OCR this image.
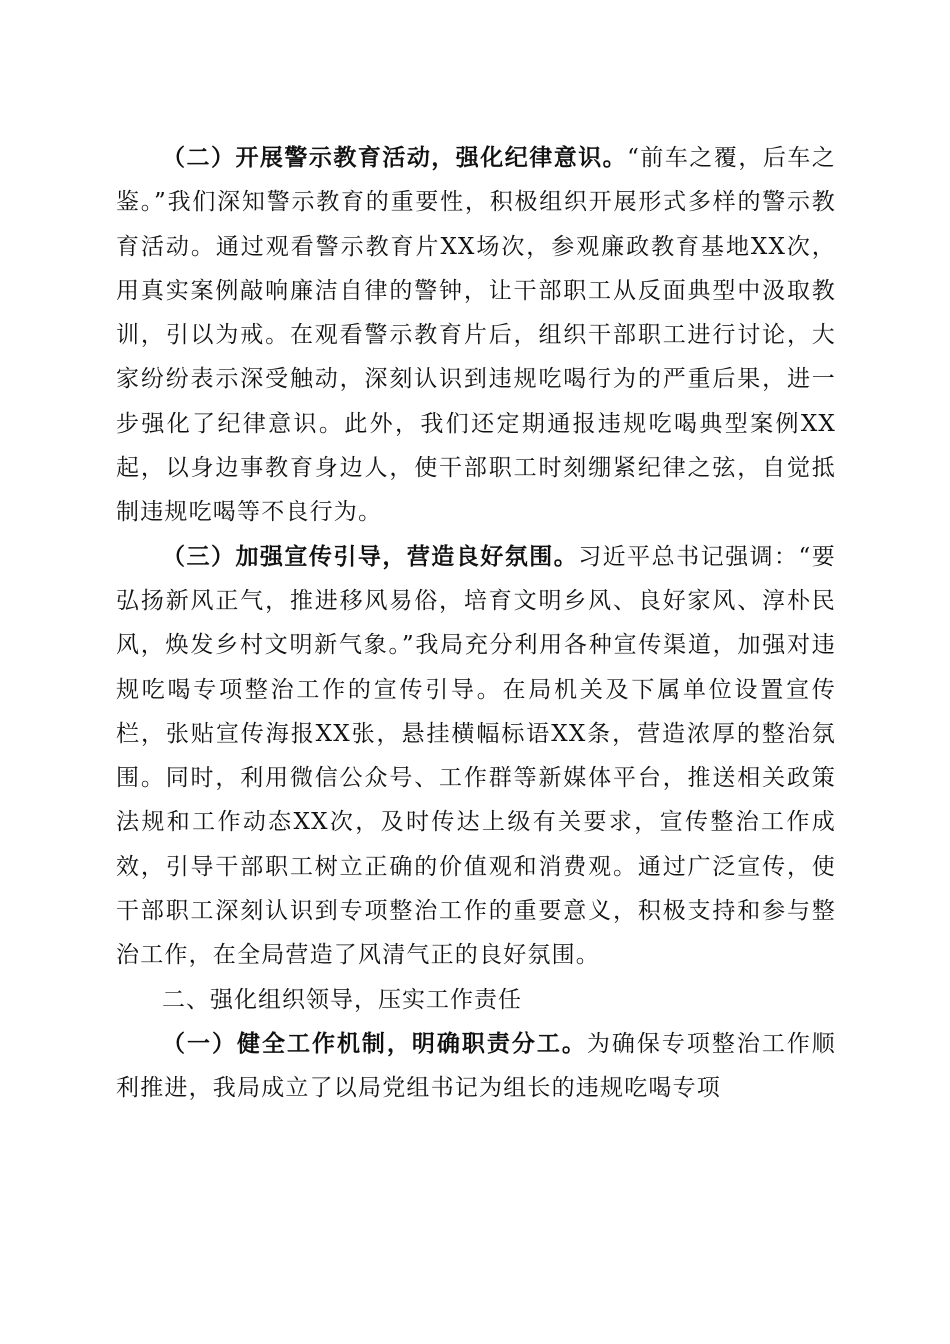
（二）开展警示教育活动，强化纪律意识。“前车之覆，后车之鉴。”我们深知警示教育的重要性，积极组织开展形式多样的警示教育活动。通过观看警示教育片XX场次，参观廉政教育基地XX次，用真实案例敲响廉洁自律的警钟，让干部职工从反面典型中汲取教训，引以为戒。在观看警示教育片后，组织干部职工进行讨论，大家纷纷表示深受触动，深刻认识到违规吃喝行为的严重后果，进一步强化了纪律意识。此外，我们还定期通报违规吃喝典型案例XX起，以身边事教育身边人，使干部职工时刻绷紧纪律之弦，自觉抵制违规吃喝等不良行为。

（三）加强宣传引导，营造良好氛围。习近平总书记强调：“要弘扬新风正气，推进移风易俗，培育文明乡风、良好家风、淳朴民风，焕发乡村文明新气象。”我局充分利用各种宣传渠道，加强对违规吃喝专项整治工作的宣传引导。在局机关及下属单位设置宣传栏，张贴宣传海报XX张，悬挂横幅标语XX条，营造浓厚的整治氛围。同时，利用微信公众号、工作群等新媒体平台，推送相关政策法规和工作动态XX次，及时传达上级有关要求，宣传整治工作成效，引导干部职工树立正确的价值观和消费观。通过广泛宣传，使干部职工深刻认识到专项整治工作的重要意义，积极支持和参与整治工作，在全局营造了风清气正的良好氛围。

二、强化组织领导，压实工作责任

（一）健全工作机制，明确职责分工。为确保专项整治工作顺利推进，我局成立了以局党组书记为组长的违规吃喝专项
